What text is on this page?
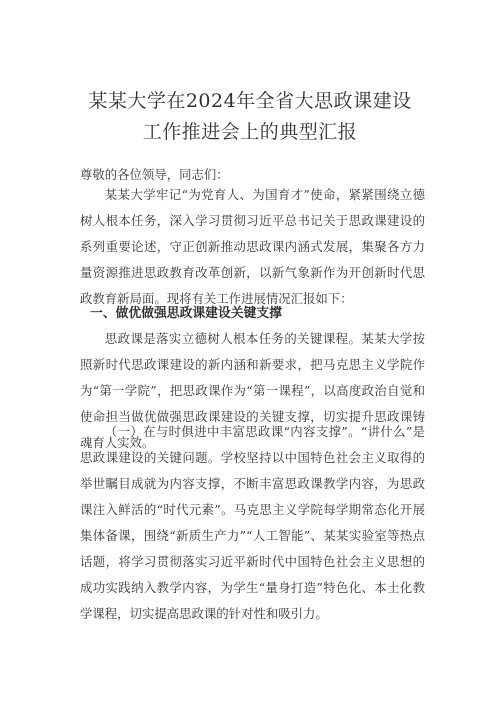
某某大学在2024年全省大思政课建设
工作推进会上的典型汇报

尊敬的各位领导，同志们：

某某大学牢记“为党育人、为国育才”使命，紧紧围绕立德树人根本任务，深入学习贯彻习近平总书记关于思政课建设的系列重要论述，守正创新推动思政课内涵式发展，集聚各方力量资源推进思政教育改革创新，以新气象新作为开创新时代思政教育新局面。现将有关工作进展情况汇报如下：

一、做优做强思政课建设关键支撑

思政课是落实立德树人根本任务的关键课程。某某大学按照新时代思政课建设的新内涵和新要求，把马克思主义学院作为“第一学院”，把思政课作为“第一课程”，以高度政治自觉和使命担当做优做强思政课建设的关键支撑，切实提升思政课铸魂育人实效。

（一）在与时俱进中丰富思政课“内容支撑”。“讲什么”是思政课建设的关键问题。学校坚持以中国特色社会主义取得的举世瞩目成就为内容支撑，不断丰富思政课教学内容，为思政课注入鲜活的“时代元素”。马克思主义学院每学期常态化开展集体备课，围绕“新质生产力”“人工智能”、某某实验室等热点话题，将学习贯彻落实习近平新时代中国特色社会主义思想的成功实践纳入教学内容，为学生“量身打造”特色化、本土化教学课程，切实提高思政课的针对性和吸引力。
